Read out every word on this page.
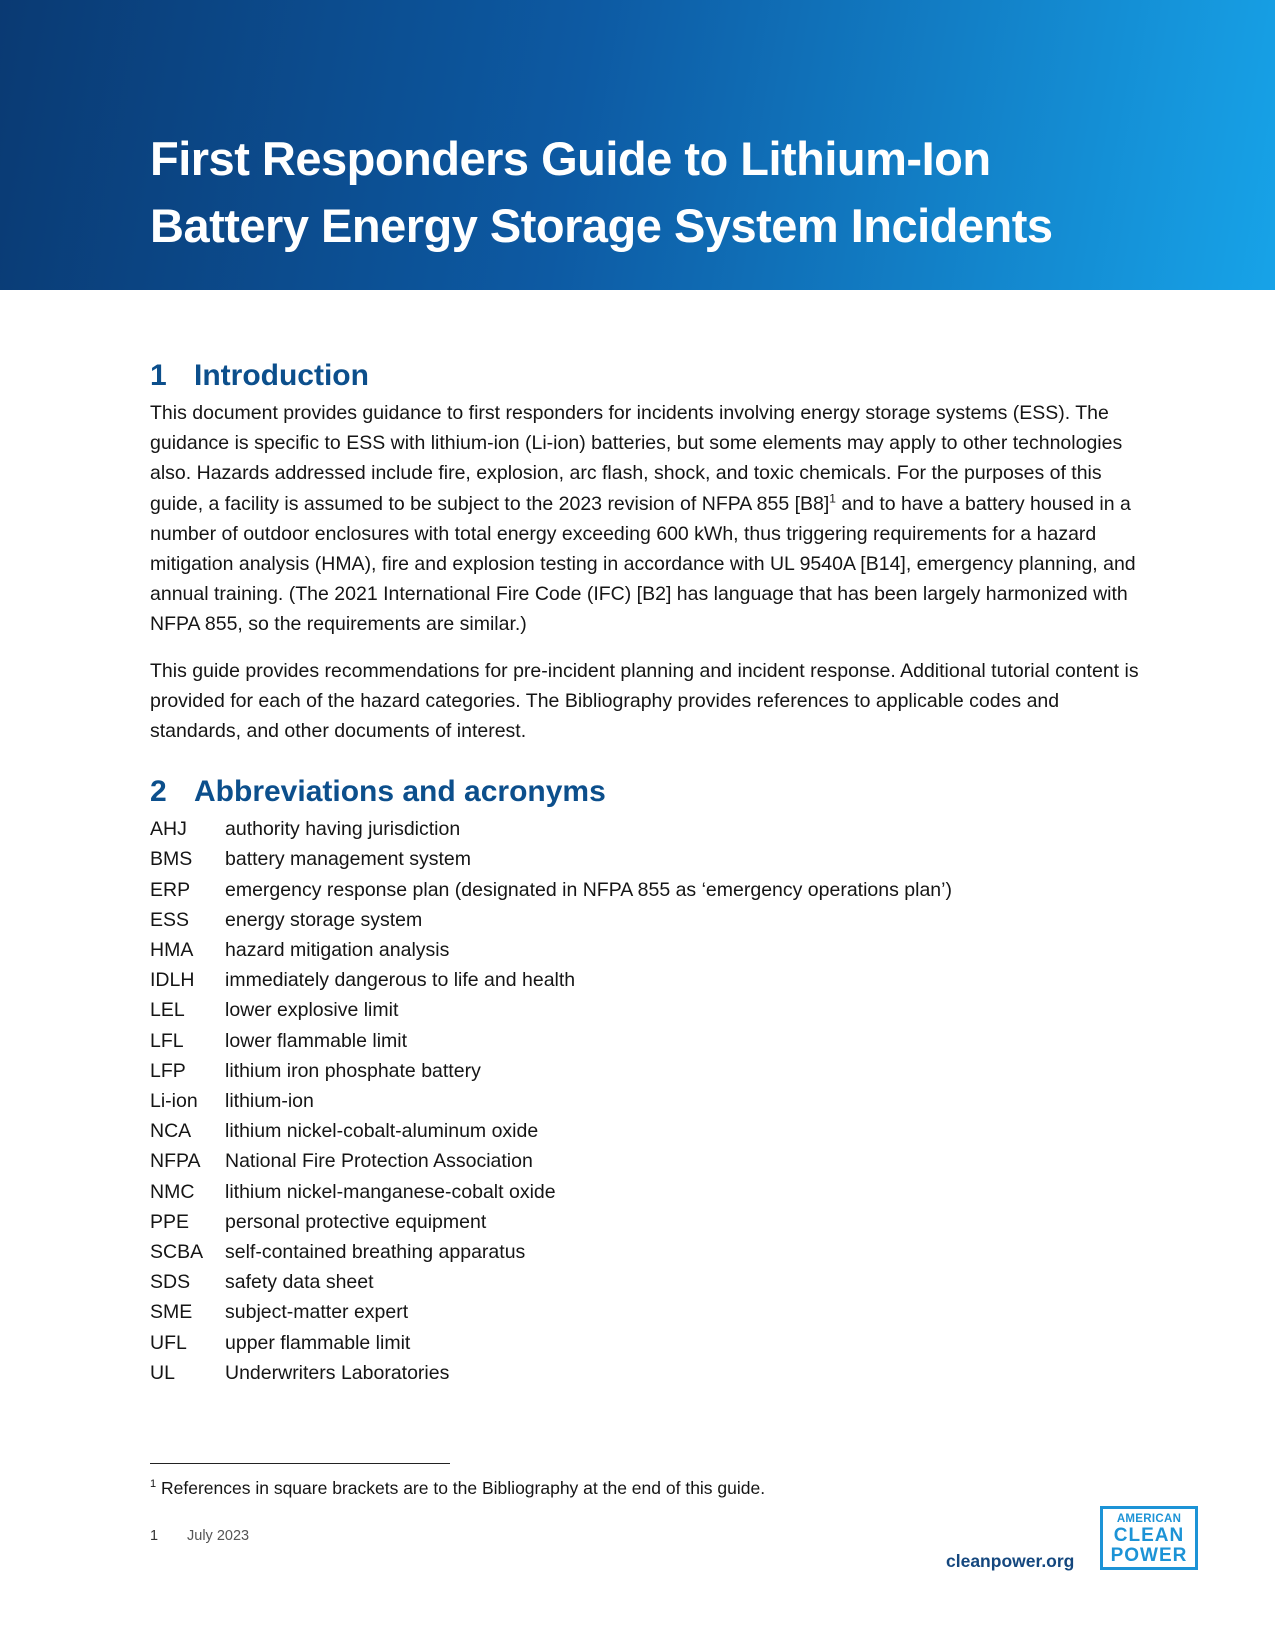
First Responders Guide to Lithium-Ion
Battery Energy Storage System Incidents
1 Introduction

This document provides guidance to first responders for incidents involving energy storage systems (ESS). The guidance is specific to ESS with lithium-ion (Li-ion) batteries, but some elements may apply to other technologies also. Hazards addressed include fire, explosion, arc flash, shock, and toxic chemicals. For the purposes of this guide, a facility is assumed to be subject to the 2023 revision of NFPA 855 $[B8]^1$ and to have a battery housed in a number of outdoor enclosures with total energy exceeding 600 kWh, thus triggering requirements for a hazard mitigation analysis (HMA), fire and explosion testing in accordance with UL 9540A [B14], emergency planning, and annual training. (The 2021 International Fire Code (IFC) [B2] has language that has been largely harmonized with NFPA 855, so the requirements are similar.)

This guide provides recommendations for pre-incident planning and incident response. Additional tutorial content is provided for each of the hazard categories. The Bibliography provides references to applicable codes and standards, and other documents of interest.

2 Abbreviations and acronyms
AHJ	authority having jurisdiction
BMS	battery management system
ERP	emergency response plan (designated in NFPA 855 as ‘emergency operations plan’)
ESS	energy storage system
HMA	hazard mitigation analysis
IDLH	immediately dangerous to life and health
LEL	lower explosive limit
LFL	lower flammable limit
LFP	lithium iron phosphate battery
Li-ion	lithium-ion
NCA	lithium nickel-cobalt-aluminum oxide
NFPA	National Fire Protection Association
NMC	lithium nickel-manganese-cobalt oxide
PPE	personal protective equipment
SCBA	self-contained breathing apparatus
SDS	safety data sheet
SME	subject-matter expert
UFL	upper flammable limit
UL	Underwriters Laboratories
$^1$ References in square brackets are to the Bibliography at the end of this guide.
1 July 2023
cleanpower.org
AMERICAN
CLEAN
POWER
